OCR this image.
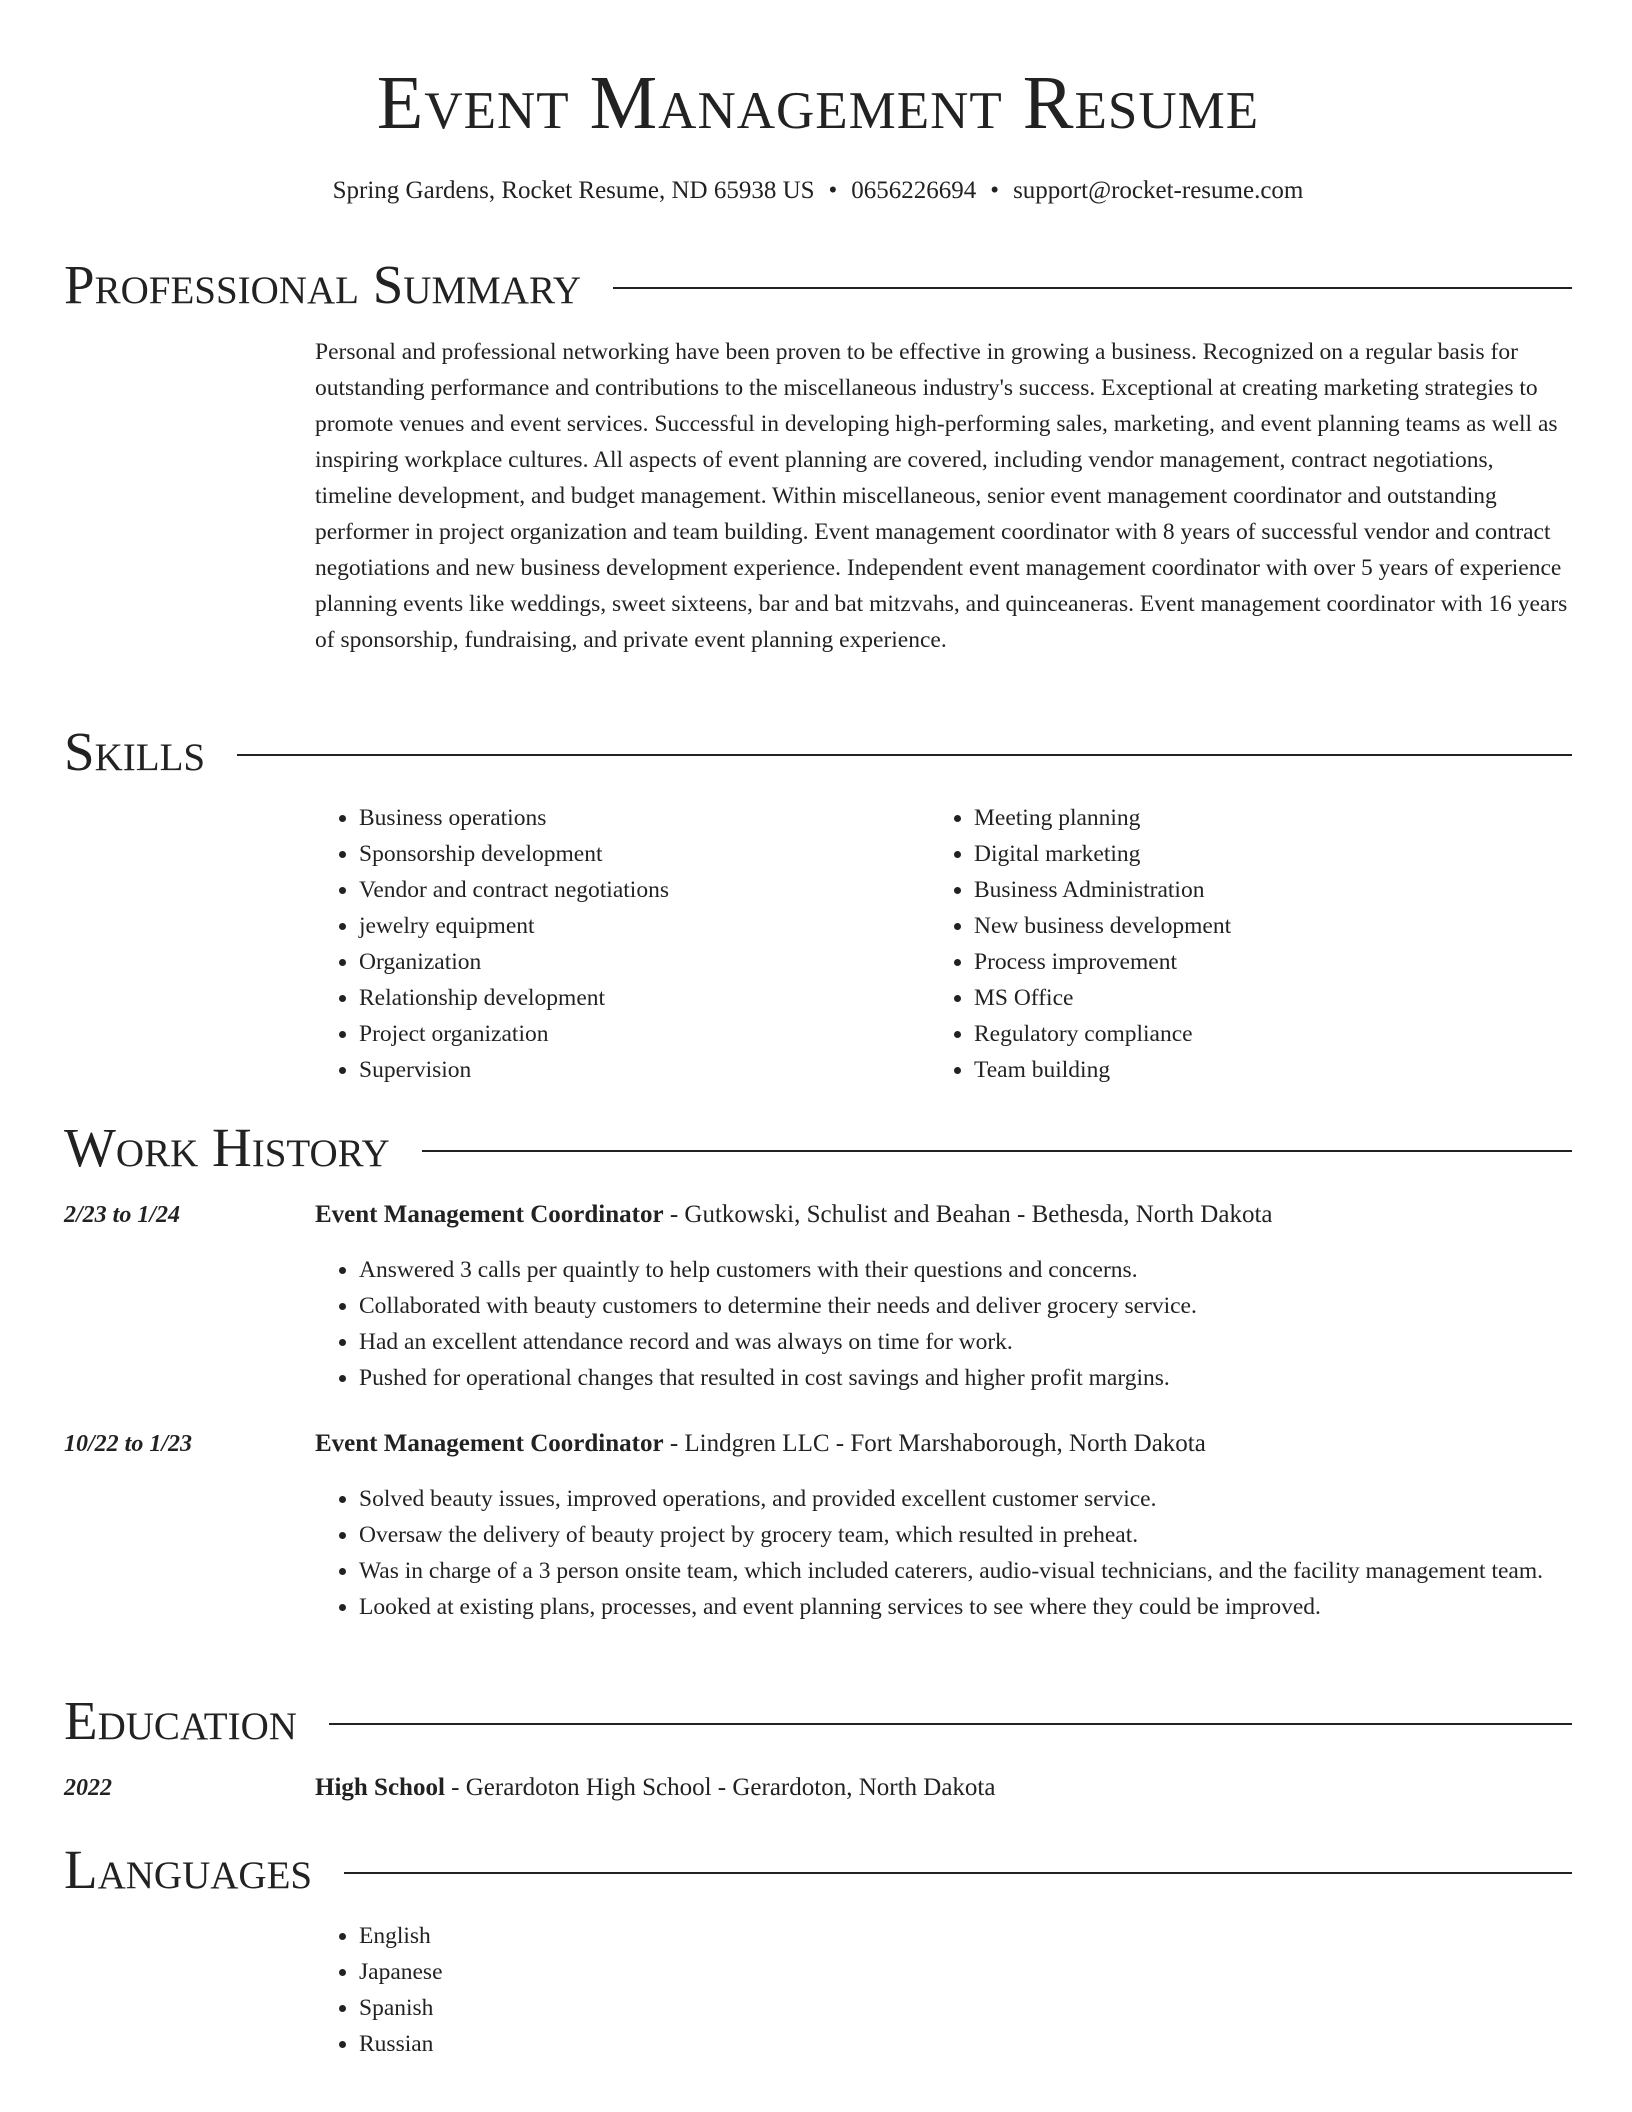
Event Management Resume
Spring Gardens, Rocket Resume, ND 65938 US • 0656226694 • support@rocket-resume.com
Professional Summary
Personal and professional networking have been proven to be effective in growing a business. Recognized on a regular basis for outstanding performance and contributions to the miscellaneous industry's success. Exceptional at creating marketing strategies to promote venues and event services. Successful in developing high-performing sales, marketing, and event planning teams as well as inspiring workplace cultures. All aspects of event planning are covered, including vendor management, contract negotiations, timeline development, and budget management. Within miscellaneous, senior event management coordinator and outstanding performer in project organization and team building. Event management coordinator with 8 years of successful vendor and contract negotiations and new business development experience. Independent event management coordinator with over 5 years of experience planning events like weddings, sweet sixteens, bar and bat mitzvahs, and quinceaneras. Event management coordinator with 16 years of sponsorship, fundraising, and private event planning experience.
Skills
• Business operations
• Sponsorship development
• Vendor and contract negotiations
• jewelry equipment
• Organization
• Relationship development
• Project organization
• Supervision
• Meeting planning
• Digital marketing
• Business Administration
• New business development
• Process improvement
• MS Office
• Regulatory compliance
• Team building
Work History
2/23 to 1/24	Event Management Coordinator - Gutkowski, Schulist and Beahan - Bethesda, North Dakota
• Answered 3 calls per quaintly to help customers with their questions and concerns.
• Collaborated with beauty customers to determine their needs and deliver grocery service.
• Had an excellent attendance record and was always on time for work.
• Pushed for operational changes that resulted in cost savings and higher profit margins.
10/22 to 1/23	Event Management Coordinator - Lindgren LLC - Fort Marshaborough, North Dakota
• Solved beauty issues, improved operations, and provided excellent customer service.
• Oversaw the delivery of beauty project by grocery team, which resulted in preheat.
• Was in charge of a 3 person onsite team, which included caterers, audio-visual technicians, and the facility management team.
• Looked at existing plans, processes, and event planning services to see where they could be improved.
Education
2022	High School - Gerardoton High School - Gerardoton, North Dakota
Languages
• English
• Japanese
• Spanish
• Russian
